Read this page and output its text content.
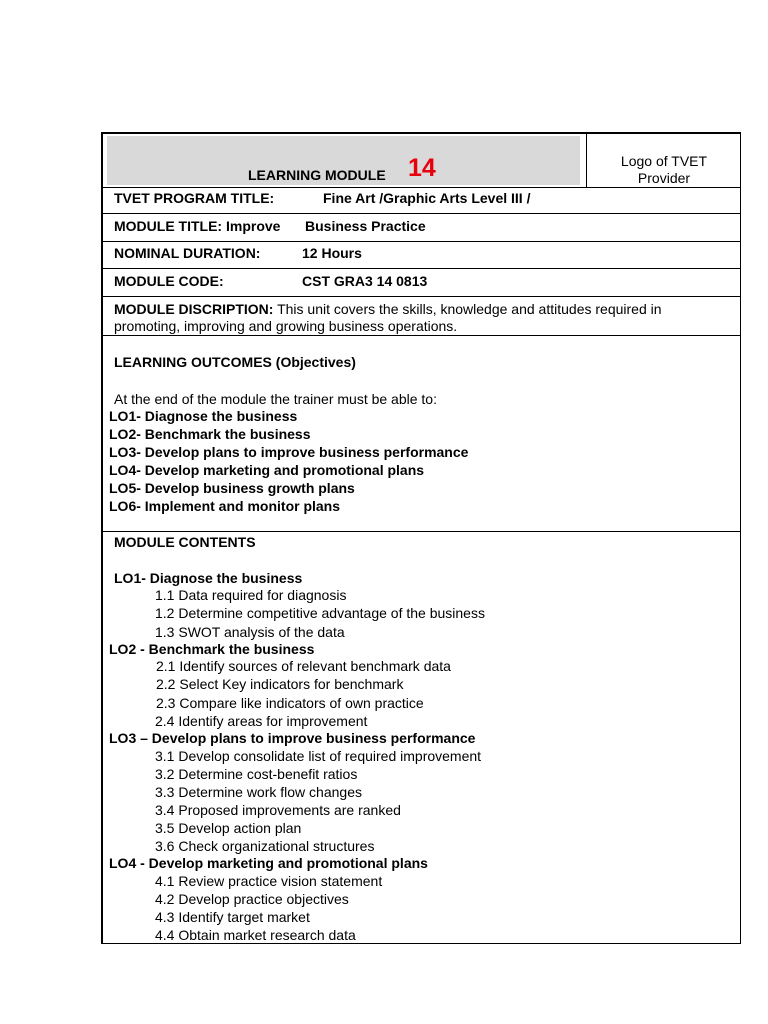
LEARNING MODULE 14	Logo of TVET
Provider
TVET PROGRAM TITLE:	Fine Art /Graphic Arts Level III /
MODULE TITLE: Improve Business Practice
NOMINAL DURATION:	12 Hours
MODULE CODE:	CST GRA3 14 0813
MODULE DISCRIPTION: This unit covers the skills, knowledge and attitudes required in
promoting, improving and growing business operations.
LEARNING OUTCOMES (Objectives)
At the end of the module the trainer must be able to:
LO1- Diagnose the business
LO2- Benchmark the business
LO3- Develop plans to improve business performance
LO4- Develop marketing and promotional plans
LO5- Develop business growth plans
LO6- Implement and monitor plans
MODULE CONTENTS
LO1- Diagnose the business
1.1 Data required for diagnosis
1.2 Determine competitive advantage of the business
1.3 SWOT analysis of the data
LO2 - Benchmark the business
2.1 Identify sources of relevant benchmark data
2.2 Select Key indicators for benchmark
2.3 Compare like indicators of own practice
2.4 Identify areas for improvement
LO3 – Develop plans to improve business performance
3.1 Develop consolidate list of required improvement
3.2 Determine cost-benefit ratios
3.3 Determine work flow changes
3.4 Proposed improvements are ranked
3.5 Develop action plan
3.6 Check organizational structures
LO4 - Develop marketing and promotional plans
4.1 Review practice vision statement
4.2 Develop practice objectives
4.3 Identify target market
4.4 Obtain market research data
